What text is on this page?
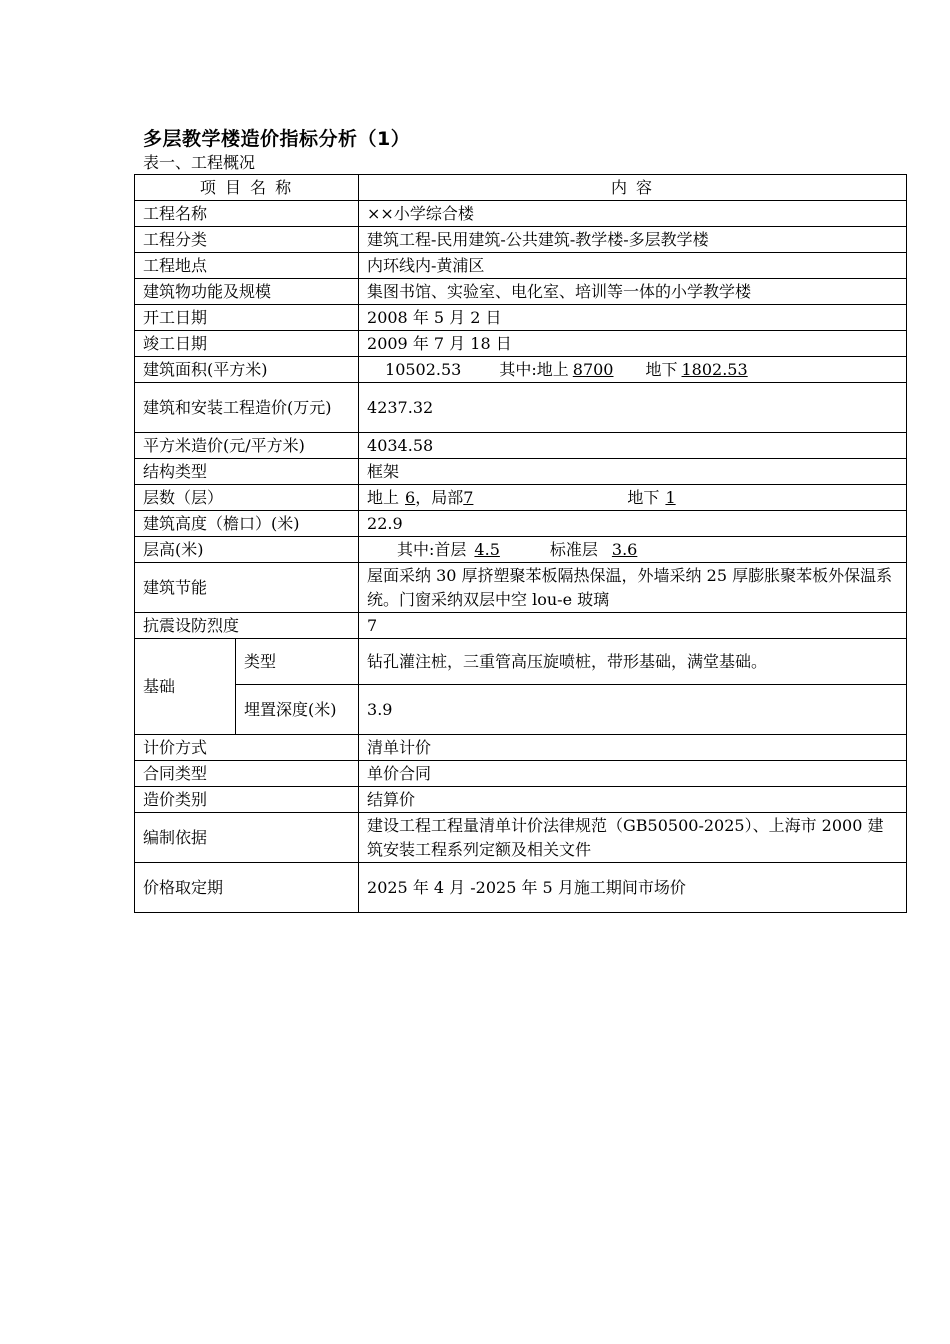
多层教学楼造价指标分析（1）
表一、工程概况
项 目 名 称		内 容
工程名称		××小学综合楼
工程分类		建筑工程-民用建筑-公共建筑-教学楼-多层教学楼
工程地点		内环线内-黄浦区
建筑物功能及规模		集图书馆、实验室、电化室、培训等一体的小学教学楼
开工日期		2008 年 5 月 2 日
竣工日期		2009 年 7 月 18 日
建筑面积(平方米)		10502.53 其中:地上 8700 地下 1802.53
建筑和安装工程造价(万元)		4237.32
平方米造价(元/平方米)		4034.58
结构类型		框架
层数（层）		地上 6，局部7 地下 1
建筑高度（檐口）(米)		22.9
层高(米)		其中:首层 4.5 标准层 3.6
建筑节能		屋面采纳 30 厚挤塑聚苯板隔热保温，外墙采纳 25 厚膨胀聚苯板外保温系统。门窗采纳双层中空 lou-e 玻璃
抗震设防烈度		7
基础	类型	钻孔灌注桩，三重管高压旋喷桩，带形基础，满堂基础。
	埋置深度(米)	3.9
计价方式		清单计价
合同类型		单价合同
造价类别		结算价
编制依据		建设工程工程量清单计价法律规范（GB50500-2025）、上海市 2000 建筑安装工程系列定额及相关文件
价格取定期		2025 年 4 月 -2025 年 5 月施工期间市场价
